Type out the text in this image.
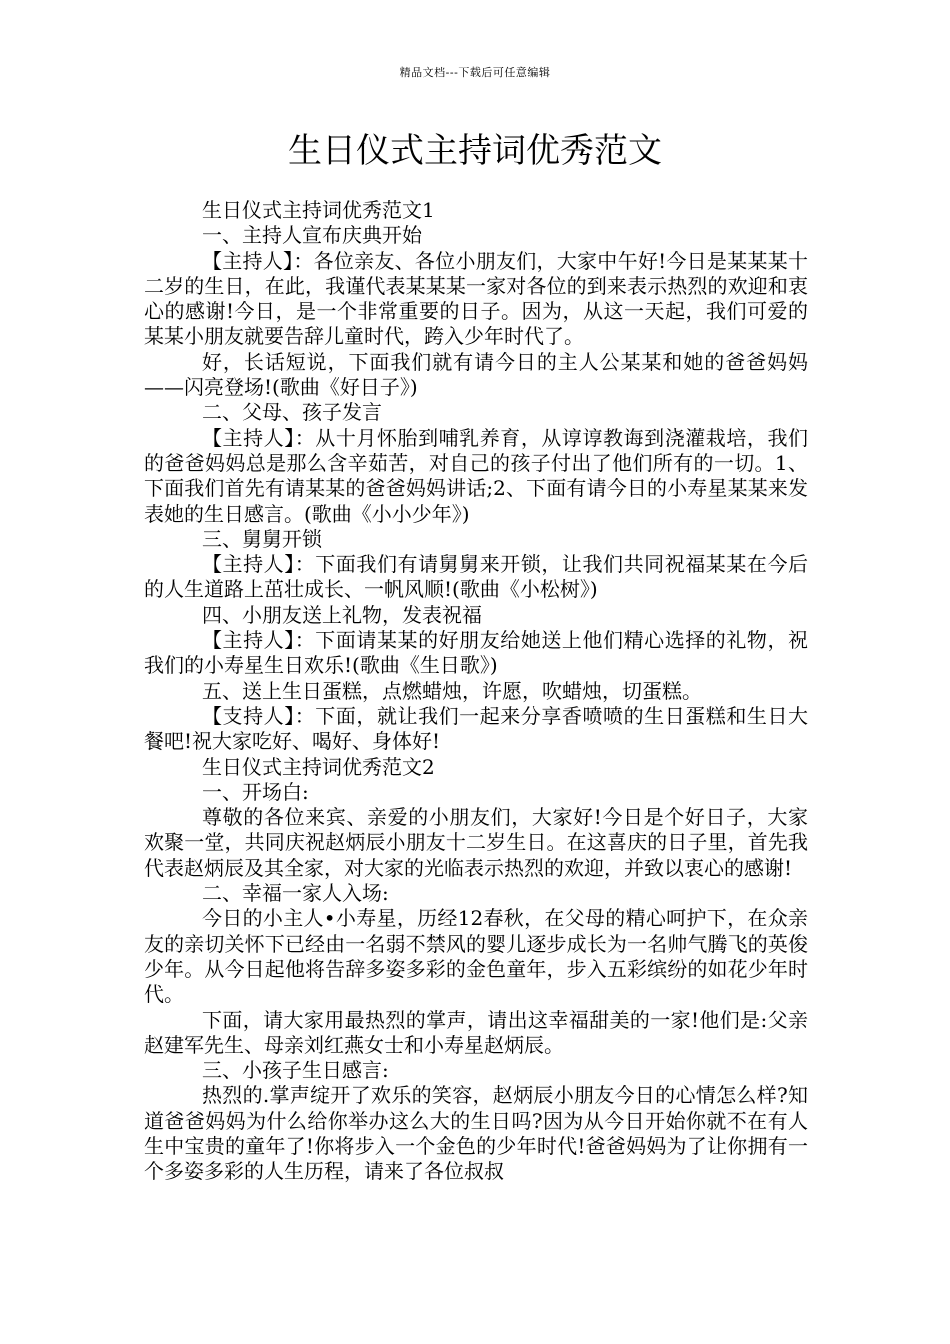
精品文档---下载后可任意编辑
生日仪式主持词优秀范文

生日仪式主持词优秀范文1

一、主持人宣布庆典开始

【主持人】：各位亲友、各位小朋友们，大家中午好!今日是某某某十二岁的生日，在此，我谨代表某某某一家对各位的到来表示热烈的欢迎和衷心的感谢!今日，是一个非常重要的日子。因为，从这一天起，我们可爱的某某小朋友就要告辞儿童时代，跨入少年时代了。

好，长话短说，下面我们就有请今日的主人公某某和她的爸爸妈妈——闪亮登场!(歌曲《好日子》)

二、父母、孩子发言

【主持人】：从十月怀胎到哺乳养育，从谆谆教诲到浇灌栽培，我们的爸爸妈妈总是那么含辛茹苦，对自己的孩子付出了他们所有的一切。1、下面我们首先有请某某的爸爸妈妈讲话;2、下面有请今日的小寿星某某来发表她的生日感言。(歌曲《小小少年》)

三、舅舅开锁

【主持人】：下面我们有请舅舅来开锁，让我们共同祝福某某在今后的人生道路上茁壮成长、一帆风顺!(歌曲《小松树》)

四、小朋友送上礼物，发表祝福

【主持人】：下面请某某的好朋友给她送上他们精心选择的礼物，祝我们的小寿星生日欢乐!(歌曲《生日歌》)

五、送上生日蛋糕，点燃蜡烛，许愿，吹蜡烛，切蛋糕。

【支持人】：下面，就让我们一起来分享香喷喷的生日蛋糕和生日大餐吧!祝大家吃好、喝好、身体好!

生日仪式主持词优秀范文2

一、开场白:

尊敬的各位来宾、亲爱的小朋友们，大家好!今日是个好日子，大家欢聚一堂，共同庆祝赵炳辰小朋友十二岁生日。在这喜庆的日子里，首先我代表赵炳辰及其全家，对大家的光临表示热烈的欢迎，并致以衷心的感谢!

二、幸福一家人入场:

今日的小主人•小寿星，历经12春秋，在父母的精心呵护下，在众亲友的亲切关怀下已经由一名弱不禁风的婴儿逐步成长为一名帅气腾飞的英俊少年。从今日起他将告辞多姿多彩的金色童年，步入五彩缤纷的如花少年时代。

下面，请大家用最热烈的掌声，请出这幸福甜美的一家!他们是:父亲赵建军先生、母亲刘红燕女士和小寿星赵炳辰。

三、小孩子生日感言:

热烈的.掌声绽开了欢乐的笑容，赵炳辰小朋友今日的心情怎么样?知道爸爸妈妈为什么给你举办这么大的生日吗?因为从今日开始你就不在有人生中宝贵的童年了!你将步入一个金色的少年时代!爸爸妈妈为了让你拥有一个多姿多彩的人生历程，请来了各位叔叔
